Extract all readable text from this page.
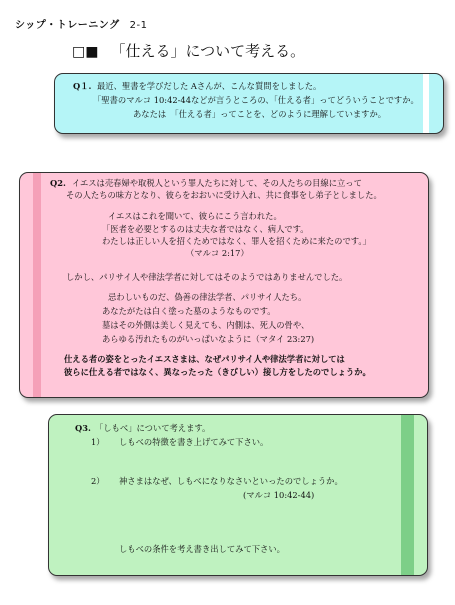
シップ・トレーニング 2-1
□■ 「仕える」について考える。
Q１. 最近、聖書を学びだした Aさんが、こんな質問をしました。
「聖書のマルコ 10:42-44などが言うところの、「仕える者」ってどういうことですか。
あなたは　「仕える者」ってことを、どのように理解していますか。
Q2. イエスは売春婦や取税人という罪人たちに対して、その人たちの目線に立って
その人たちの味方となり、彼らをおおいに受け入れ、共に食事をし弟子としました。
イエスはこれを聞いて、彼らにこう言われた。
「医者を必要とするのは丈夫な者ではなく、病人です。
わたしは正しい人を招くためではなく、罪人を招くために来たのです。」
（マルコ 2:17）
しかし、パリサイ人や律法学者に対してはそのようではありませんでした。
忌わしいものだ、偽善の律法学者、パリサイ人たち。
あなたがたは白く塗った墓のようなものです。
墓はその外側は美しく見えても、内側は、死人の骨や、
あらゆる汚れたものがいっぱいなように（マタイ 23:27)
仕える者の姿をとったイエスさまは、なぜパリサイ人や律法学者に対しては
彼らに仕える者ではなく、異なったった（きびしい）接し方をしたのでしょうか。
Q3. 「しもべ」について考えます。
1） しもべの特徴を書き上げてみて下さい。
2） 神さまはなぜ、しもべになりなさいといったのでしょうか。
(マルコ 10:42-44)
しもべの条件を考え書き出してみて下さい。
